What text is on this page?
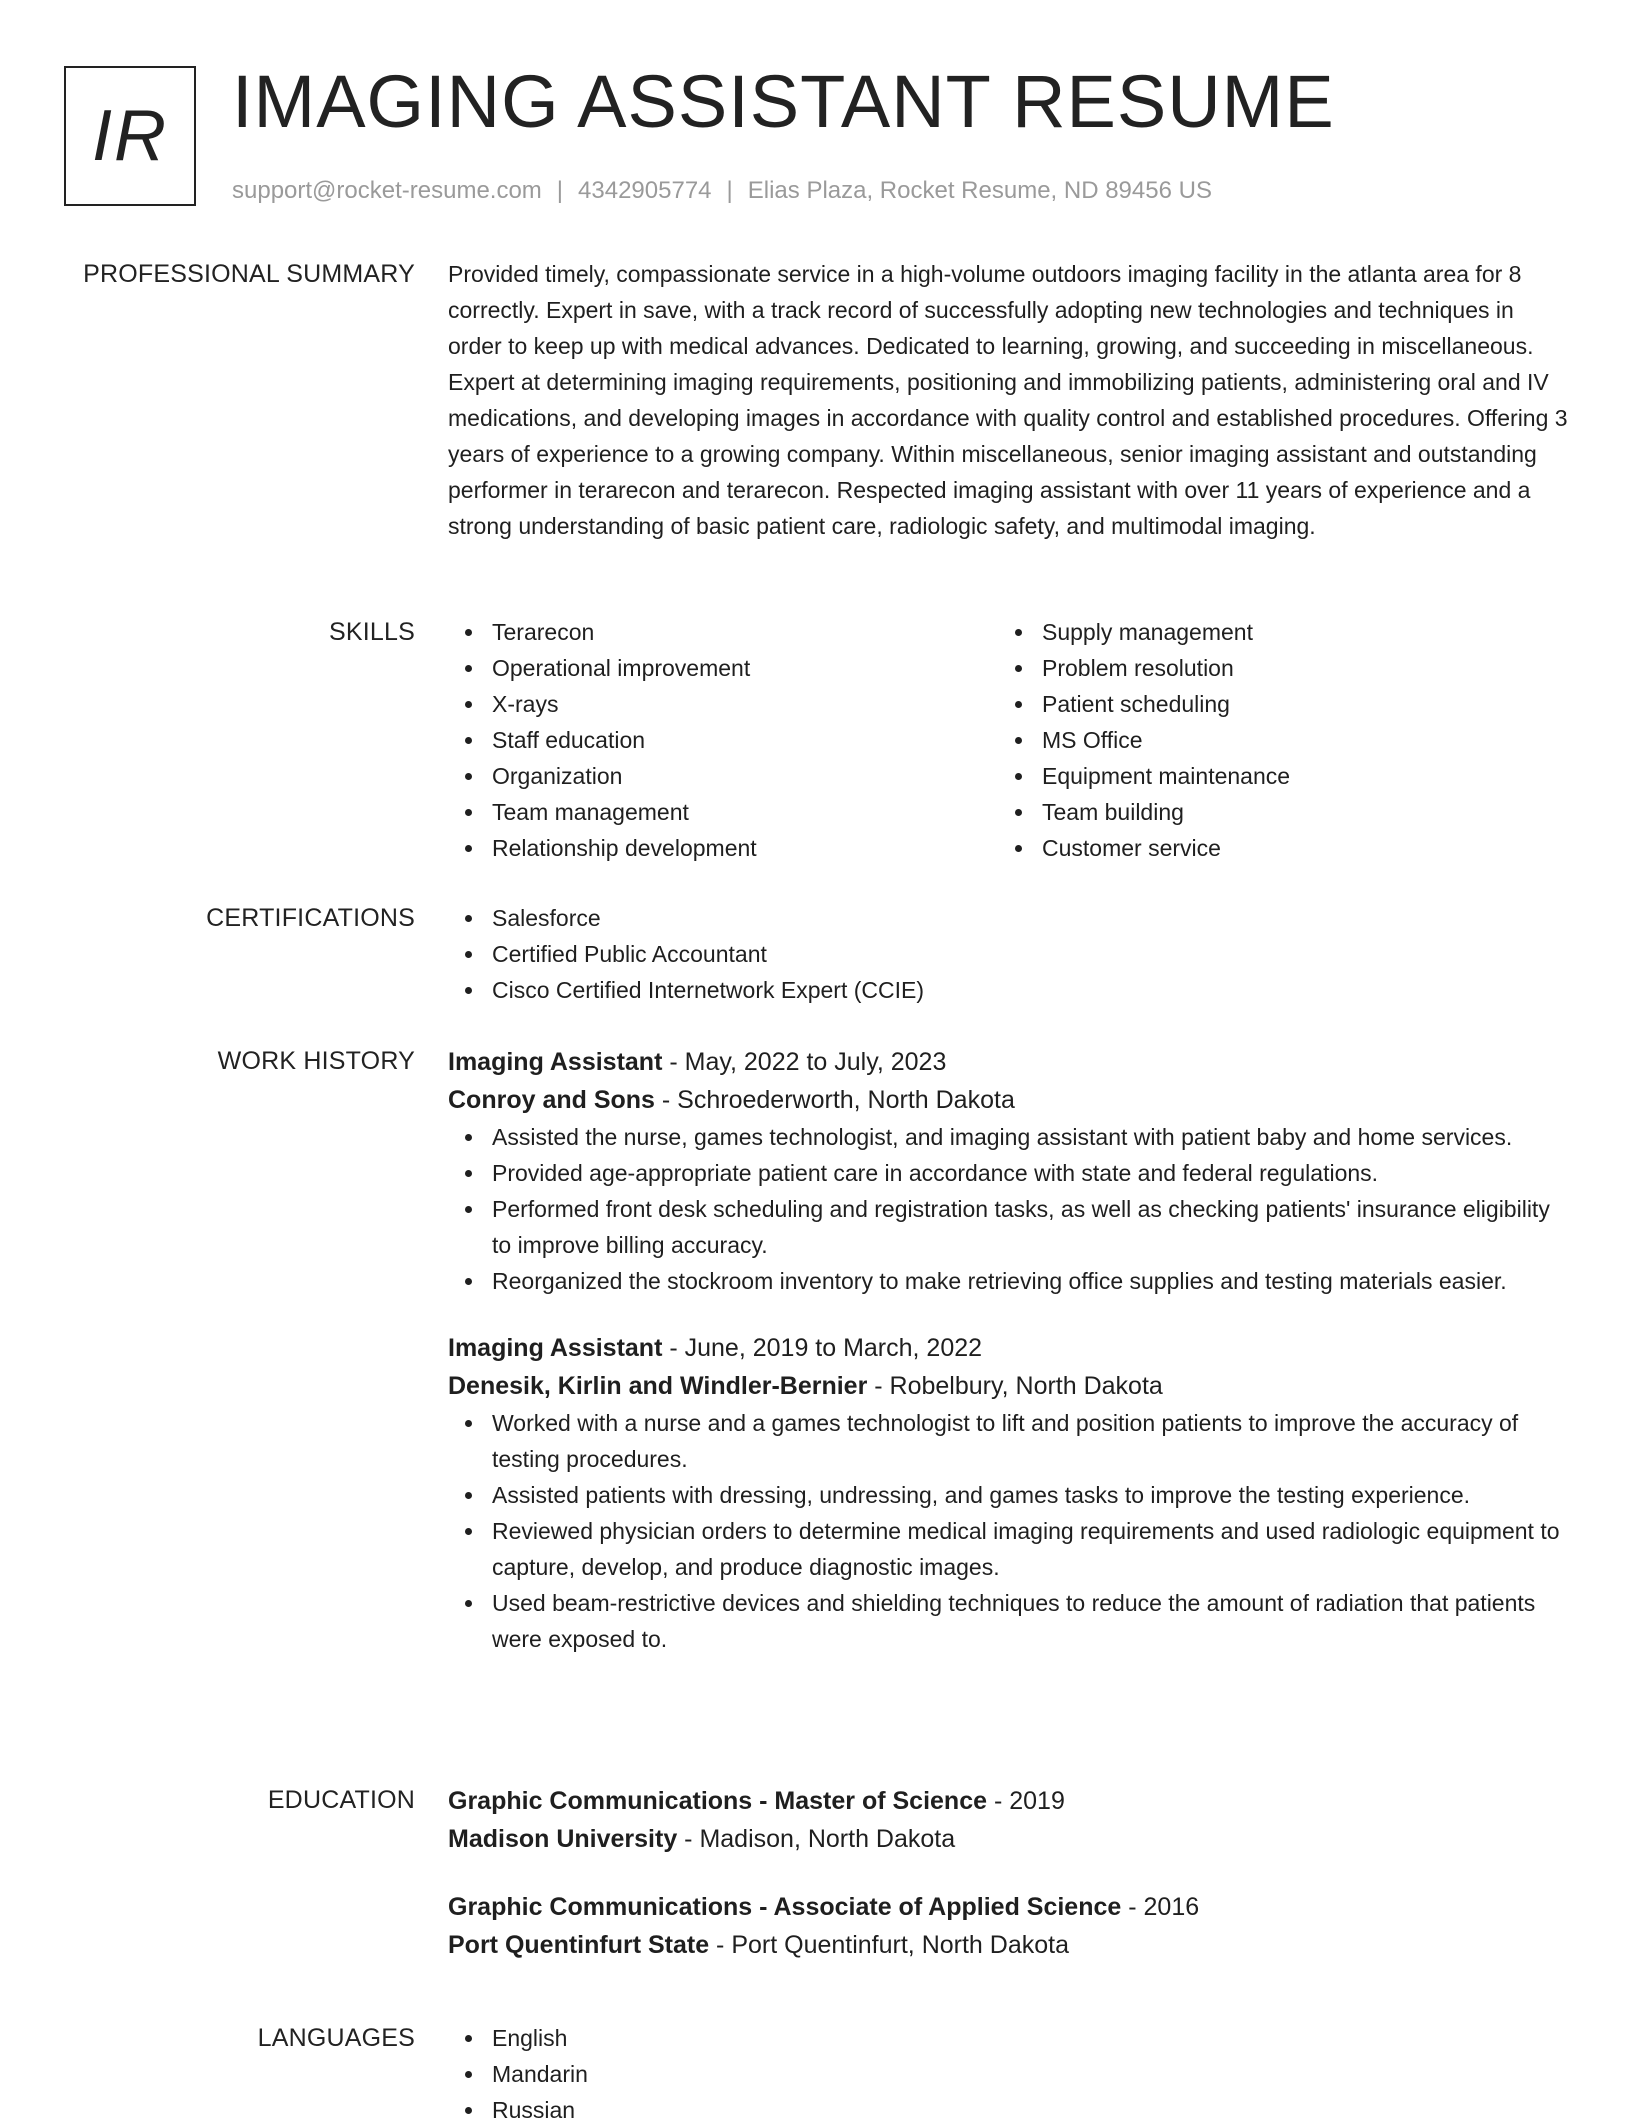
IR IMAGING ASSISTANT RESUME
support@rocket-resume.com | 4342905774 | Elias Plaza, Rocket Resume, ND 89456 US
PROFESSIONAL SUMMARY Provided timely, compassionate service in a high-volume outdoors imaging facility in the atlanta area for 8 correctly. Expert in save, with a track record of successfully adopting new technologies and techniques in order to keep up with medical advances. Dedicated to learning, growing, and succeeding in miscellaneous. Expert at determining imaging requirements, positioning and immobilizing patients, administering oral and IV medications, and developing images in accordance with quality control and established procedures. Offering 3 years of experience to a growing company. Within miscellaneous, senior imaging assistant and outstanding performer in terarecon and terarecon. Respected imaging assistant with over 11 years of experience and a strong understanding of basic patient care, radiologic safety, and multimodal imaging.

SKILLS	Terarecon
Operational improvement
X-rays
Staff education
Organization
Team management
Relationship development
Supply management
Problem resolution
Patient scheduling
MS Office
Equipment maintenance
Team building
Customer service
CERTIFICATIONS	Salesforce
Certified Public Accountant
Cisco Certified Internetwork Expert (CCIE)
WORK HISTORY Imaging Assistant - May, 2022 to July, 2023
Conroy and Sons - Schroederworth, North Dakota
Assisted the nurse, games technologist, and imaging assistant with patient baby and home services.
Provided age-appropriate patient care in accordance with state and federal regulations.
Performed front desk scheduling and registration tasks, as well as checking patients' insurance eligibility to improve billing accuracy.
Reorganized the stockroom inventory to make retrieving office supplies and testing materials easier.
Imaging Assistant - June, 2019 to March, 2022
Denesik, Kirlin and Windler-Bernier - Robelbury, North Dakota
Worked with a nurse and a games technologist to lift and position patients to improve the accuracy of testing procedures.
Assisted patients with dressing, undressing, and games tasks to improve the testing experience.
Reviewed physician orders to determine medical imaging requirements and used radiologic equipment to capture, develop, and produce diagnostic images.
Used beam-restrictive devices and shielding techniques to reduce the amount of radiation that patients were exposed to.
EDUCATION Graphic Communications - Master of Science - 2019
Madison University - Madison, North Dakota
Graphic Communications - Associate of Applied Science - 2016
Port Quentinfurt State - Port Quentinfurt, North Dakota
LANGUAGES	English
Mandarin
Russian
